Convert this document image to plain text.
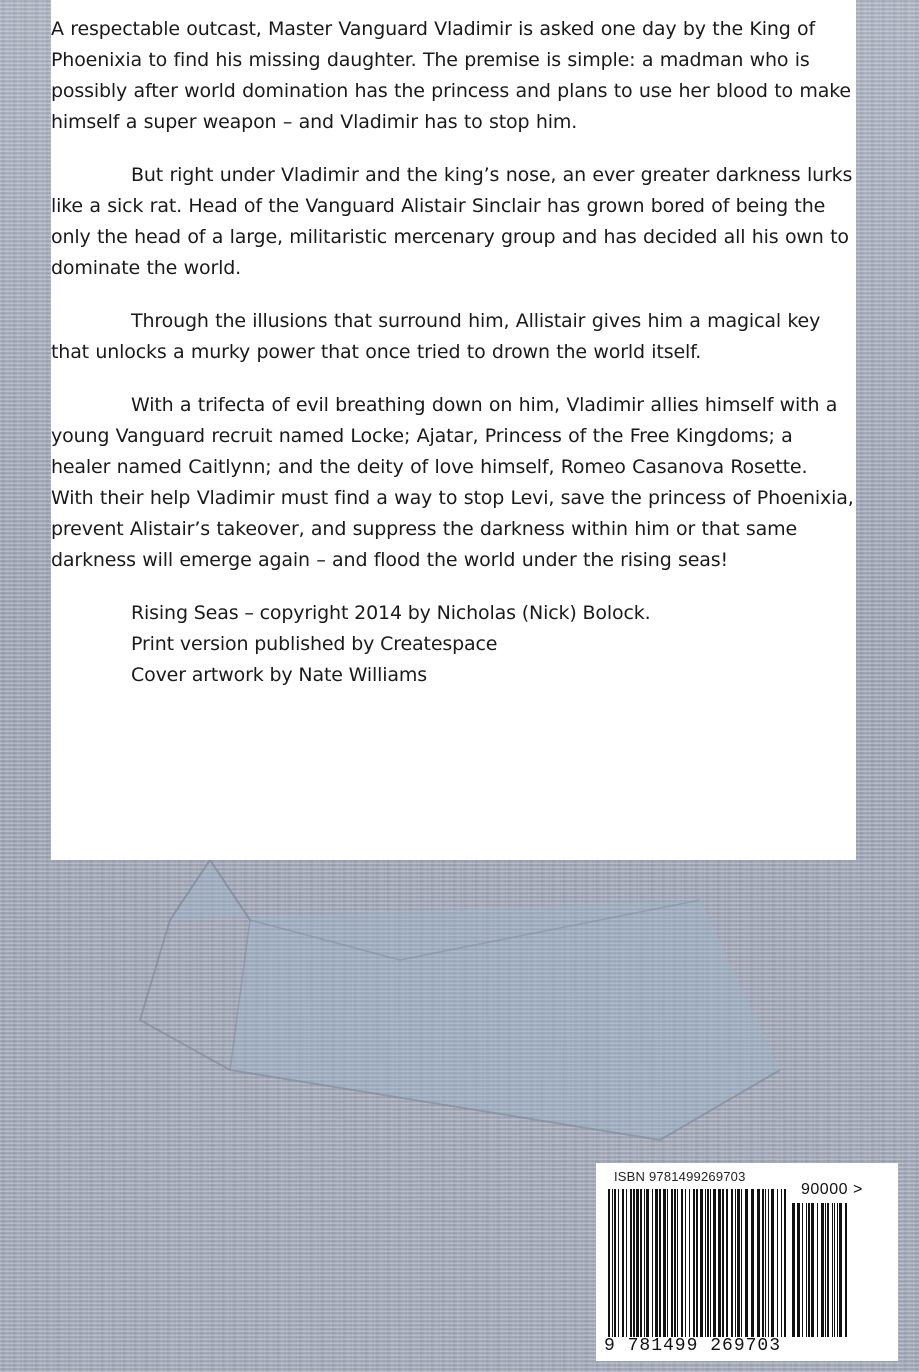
A respectable outcast, Master Vanguard Vladimir is asked one day by the King of Phoenixia to find his missing daughter. The premise is simple: a madman who is possibly after world domination has the princess and plans to use her blood to make himself a super weapon – and Vladimir has to stop him.

But right under Vladimir and the king’s nose, an ever greater darkness lurks like a sick rat. Head of the Vanguard Alistair Sinclair has grown bored of being the only the head of a large, militaristic mercenary group and has decided all his own to dominate the world.

Through the illusions that surround him, Allistair gives him a magical key that unlocks a murky power that once tried to drown the world itself.

With a trifecta of evil breathing down on him, Vladimir allies himself with a young Vanguard recruit named Locke; Ajatar, Princess of the Free Kingdoms; a healer named Caitlynn; and the deity of love himself, Romeo Casanova Rosette. With their help Vladimir must find a way to stop Levi, save the princess of Phoenixia, prevent Alistair’s takeover, and suppress the darkness within him or that same darkness will emerge again – and flood the world under the rising seas!

Rising Seas – copyright 2014 by Nicholas (Nick) Bolock.
Print version published by Createspace
Cover artwork by Nate Williams
ISBN 9781499269703
90000 >
9 781499 269703
